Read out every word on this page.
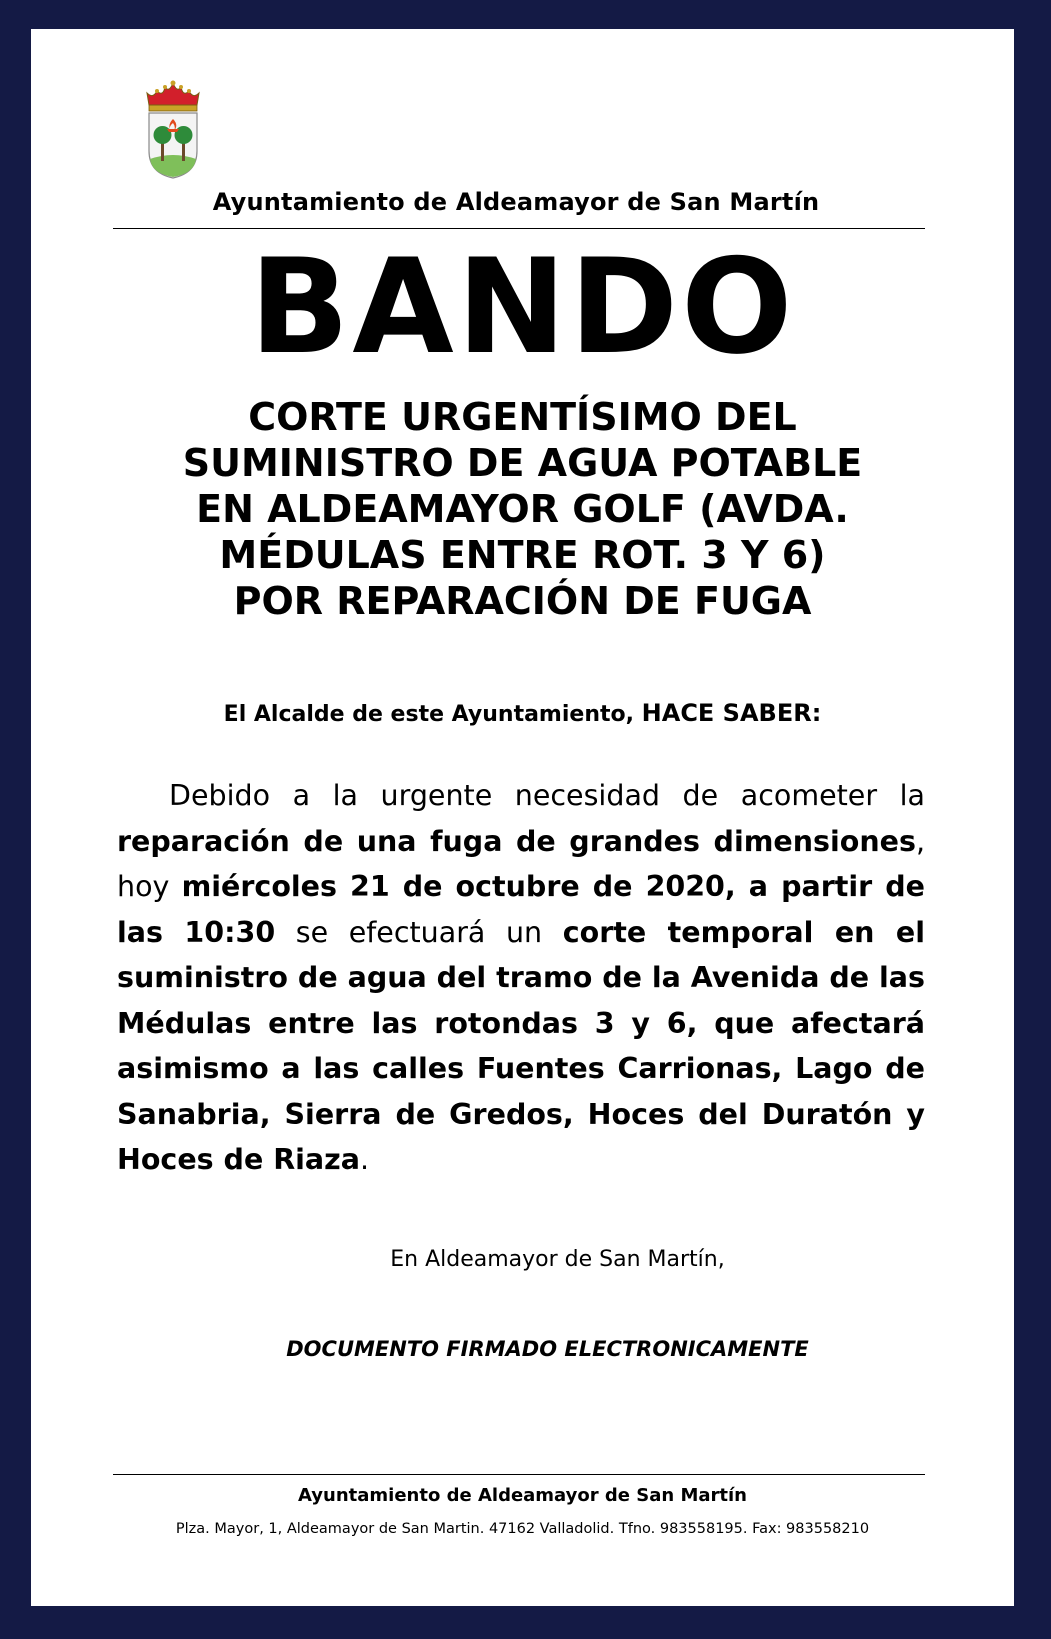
Ayuntamiento de Aldeamayor de San Martín
BANDO
CORTE URGENTÍSIMO DEL
SUMINISTRO DE AGUA POTABLE
EN ALDEAMAYOR GOLF (AVDA.
MÉDULAS ENTRE ROT. 3 Y 6)
POR REPARACIÓN DE FUGA
El Alcalde de este Ayuntamiento, HACE SABER:
Debido a la urgente necesidad de acometer la reparación de una fuga de grandes dimensiones, hoy miércoles 21 de octubre de 2020, a partir de las 10:30 se efectuará un corte temporal en el suministro de agua del tramo de la Avenida de las Médulas entre las rotondas 3 y 6, que afectará asimismo a las calles Fuentes Carrionas, Lago de Sanabria, Sierra de Gredos, Hoces del Duratón y Hoces de Riaza.
En Aldeamayor de San Martín,
DOCUMENTO FIRMADO ELECTRONICAMENTE
Ayuntamiento de Aldeamayor de San Martín
Plza. Mayor, 1, Aldeamayor de San Martin. 47162 Valladolid. Tfno. 983558195. Fax: 983558210
